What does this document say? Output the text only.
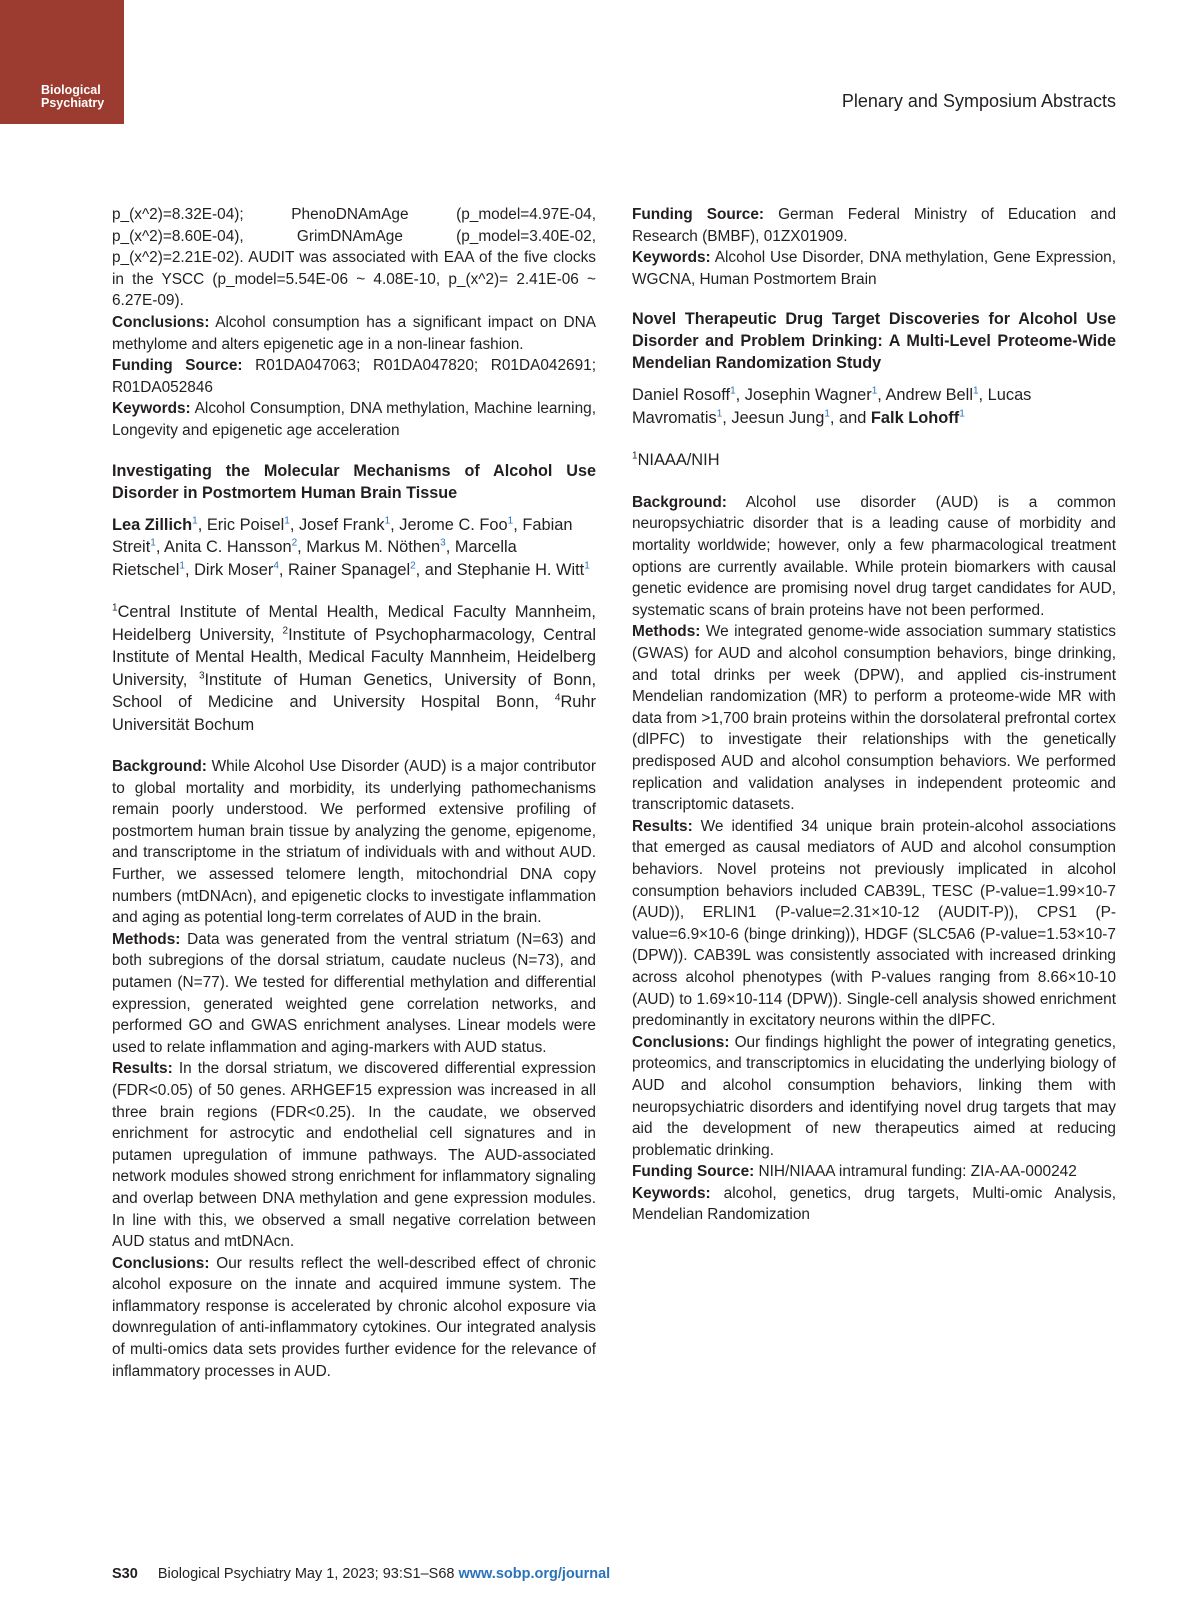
Biological
Psychiatry	Plenary and Symposium Abstracts

p_(x^2)=8.32E-04); PhenoDNAmAge (p_model=4.97E-04, p_(x^2)=8.60E-04), GrimDNAmAge (p_model=3.40E-02, p_(x^2)=2.21E-02). AUDIT was associated with EAA of the five clocks in the YSCC (p_model=5.54E-06 ~ 4.08E-10, p_(x^2)= 2.41E-06 ~ 6.27E-09).

Conclusions: Alcohol consumption has a significant impact on DNA methylome and alters epigenetic age in a non-linear fashion.

Funding Source: R01DA047063; R01DA047820; R01DA042691; R01DA052846

Keywords: Alcohol Consumption, DNA methylation, Machine learning, Longevity and epigenetic age acceleration

Investigating the Molecular Mechanisms of Alcohol Use Disorder in Postmortem Human Brain Tissue

Lea Zillich$^1$, Eric Poisel$^1$, Josef Frank$^1$, Jerome C. Foo$^1$, Fabian Streit$^1$, Anita C. Hansson$^2$, Markus M. Nöthen$^3$, Marcella Rietschel$^1$, Dirk Moser$^4$, Rainer Spanagel$^2$, and Stephanie H. Witt$^1$

$^1$Central Institute of Mental Health, Medical Faculty Mannheim, Heidelberg University, $^2$Institute of Psychopharmacology, Central Institute of Mental Health, Medical Faculty Mannheim, Heidelberg University, $^3$Institute of Human Genetics, University of Bonn, School of Medicine and University Hospital Bonn, $^4$Ruhr Universität Bochum

Background: While Alcohol Use Disorder (AUD) is a major contributor to global mortality and morbidity, its underlying pathomechanisms remain poorly understood. We performed extensive profiling of postmortem human brain tissue by analyzing the genome, epigenome, and transcriptome in the striatum of individuals with and without AUD. Further, we assessed telomere length, mitochondrial DNA copy numbers (mtDNAcn), and epigenetic clocks to investigate inflammation and aging as potential long-term correlates of AUD in the brain.

Methods: Data was generated from the ventral striatum (N=63) and both subregions of the dorsal striatum, caudate nucleus (N=73), and putamen (N=77). We tested for differential methylation and differential expression, generated weighted gene correlation networks, and performed GO and GWAS enrichment analyses. Linear models were used to relate inflammation and aging-markers with AUD status.

Results: In the dorsal striatum, we discovered differential expression (FDR<0.05) of 50 genes. ARHGEF15 expression was increased in all three brain regions (FDR<0.25). In the caudate, we observed enrichment for astrocytic and endothelial cell signatures and in putamen upregulation of immune pathways. The AUD-associated network modules showed strong enrichment for inflammatory signaling and overlap between DNA methylation and gene expression modules. In line with this, we observed a small negative correlation between AUD status and mtDNAcn.

Conclusions: Our results reflect the well-described effect of chronic alcohol exposure on the innate and acquired immune system. The inflammatory response is accelerated by chronic alcohol exposure via downregulation of anti-inflammatory cytokines. Our integrated analysis of multi-omics data sets provides further evidence for the relevance of inflammatory processes in AUD.

Funding Source: German Federal Ministry of Education and Research (BMBF), 01ZX01909.

Keywords: Alcohol Use Disorder, DNA methylation, Gene Expression, WGCNA, Human Postmortem Brain

Novel Therapeutic Drug Target Discoveries for Alcohol Use Disorder and Problem Drinking: A Multi-Level Proteome-Wide Mendelian Randomization Study

Daniel Rosoff$^1$, Josephin Wagner$^1$, Andrew Bell$^1$, Lucas Mavromatis$^1$, Jeesun Jung$^1$, and Falk Lohoff$^1$

$^1$NIAAA/NIH

Background: Alcohol use disorder (AUD) is a common neuropsychiatric disorder that is a leading cause of morbidity and mortality worldwide; however, only a few pharmacological treatment options are currently available. While protein biomarkers with causal genetic evidence are promising novel drug target candidates for AUD, systematic scans of brain proteins have not been performed.

Methods: We integrated genome-wide association summary statistics (GWAS) for AUD and alcohol consumption behaviors, binge drinking, and total drinks per week (DPW), and applied cis-instrument Mendelian randomization (MR) to perform a proteome-wide MR with data from >1,700 brain proteins within the dorsolateral prefrontal cortex (dlPFC) to investigate their relationships with the genetically predisposed AUD and alcohol consumption behaviors. We performed replication and validation analyses in independent proteomic and transcriptomic datasets.

Results: We identified 34 unique brain protein-alcohol associations that emerged as causal mediators of AUD and alcohol consumption behaviors. Novel proteins not previously implicated in alcohol consumption behaviors included CAB39L, TESC (P-value=1.99×10-7 (AUD)), ERLIN1 (P-value=2.31×10-12 (AUDIT-P)), CPS1 (P-value=6.9×10-6 (binge drinking)), HDGF (SLC5A6 (P-value=1.53×10-7 (DPW)). CAB39L was consistently associated with increased drinking across alcohol phenotypes (with P-values ranging from 8.66×10-10 (AUD) to 1.69×10-114 (DPW)). Single-cell analysis showed enrichment predominantly in excitatory neurons within the dlPFC.

Conclusions: Our findings highlight the power of integrating genetics, proteomics, and transcriptomics in elucidating the underlying biology of AUD and alcohol consumption behaviors, linking them with neuropsychiatric disorders and identifying novel drug targets that may aid the development of new therapeutics aimed at reducing problematic drinking.

Funding Source: NIH/NIAAA intramural funding: ZIA-AA-000242

Keywords: alcohol, genetics, drug targets, Multi-omic Analysis, Mendelian Randomization

S30 Biological Psychiatry May 1, 2023; 93:S1–S68 www.sobp.org/journal
